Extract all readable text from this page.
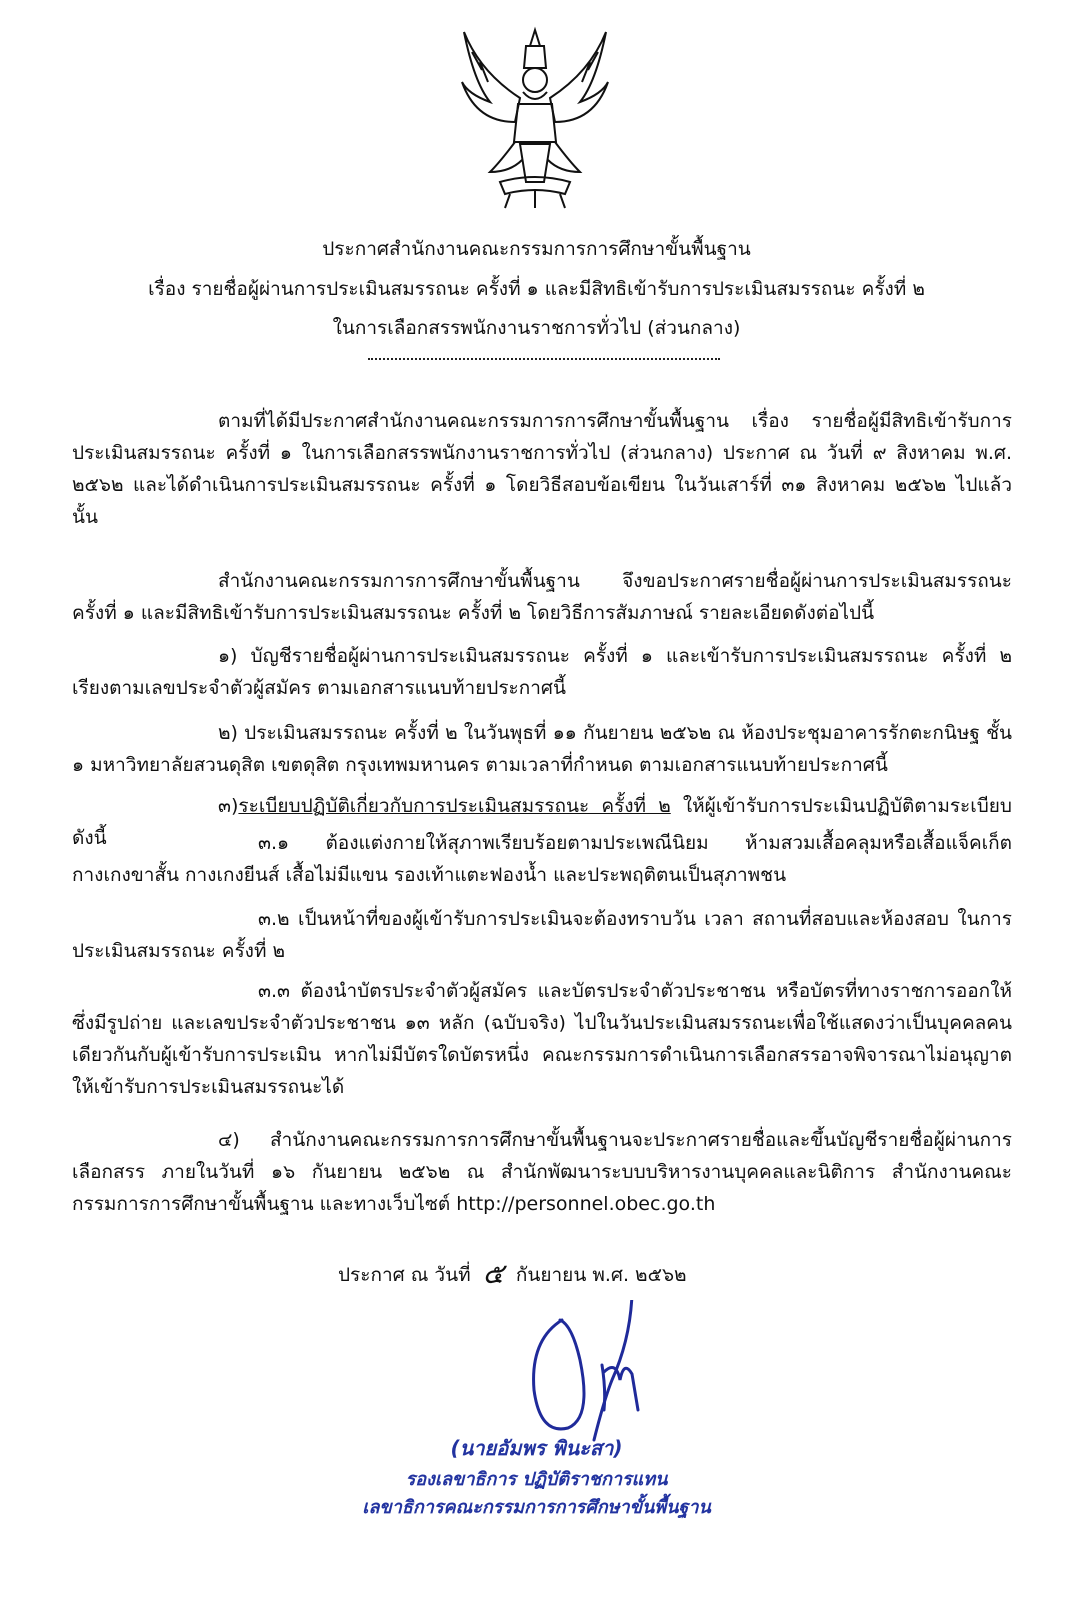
ประกาศสำนักงานคณะกรรมการการศึกษาขั้นพื้นฐาน
เรื่อง รายชื่อผู้ผ่านการประเมินสมรรถนะ ครั้งที่ ๑ และมีสิทธิเข้ารับการประเมินสมรรถนะ ครั้งที่ ๒
ในการเลือกสรรพนักงานราชการทั่วไป (ส่วนกลาง)

ตามที่ได้มีประกาศสำนักงานคณะกรรมการการศึกษาขั้นพื้นฐาน เรื่อง รายชื่อผู้มีสิทธิเข้ารับการประเมินสมรรถนะ ครั้งที่ ๑ ในการเลือกสรรพนักงานราชการทั่วไป (ส่วนกลาง) ประกาศ ณ วันที่ ๙ สิงหาคม พ.ศ. ๒๕๖๒ และได้ดำเนินการประเมินสมรรถนะ ครั้งที่ ๑ โดยวิธีสอบข้อเขียน ในวันเสาร์ที่ ๓๑ สิงหาคม ๒๕๖๒ ไปแล้ว นั้น

สำนักงานคณะกรรมการการศึกษาขั้นพื้นฐาน จึงขอประกาศรายชื่อผู้ผ่านการประเมินสมรรถนะ ครั้งที่ ๑ และมีสิทธิเข้ารับการประเมินสมรรถนะ ครั้งที่ ๒ โดยวิธีการสัมภาษณ์ รายละเอียดดังต่อไปนี้

๑) บัญชีรายชื่อผู้ผ่านการประเมินสมรรถนะ ครั้งที่ ๑ และเข้ารับการประเมินสมรรถนะ ครั้งที่ ๒ เรียงตามเลขประจำตัวผู้สมัคร ตามเอกสารแนบท้ายประกาศนี้

๒) ประเมินสมรรถนะ ครั้งที่ ๒ ในวันพุธที่ ๑๑ กันยายน ๒๕๖๒ ณ ห้องประชุมอาคารรักตะกนิษฐ ชั้น ๑ มหาวิทยาลัยสวนดุสิต เขตดุสิต กรุงเทพมหานคร ตามเวลาที่กำหนด ตามเอกสารแนบท้ายประกาศนี้

๓)ระเบียบปฏิบัติเกี่ยวกับการประเมินสมรรถนะ ครั้งที่ ๒ ให้ผู้เข้ารับการประเมินปฏิบัติตามระเบียบ ดังนี้	๓.๑ ต้องแต่งกายให้สุภาพเรียบร้อยตามประเพณีนิยม ห้ามสวมเสื้อคลุมหรือเสื้อแจ็คเก็ต กางเกงขาสั้น กางเกงยีนส์ เสื้อไม่มีแขน รองเท้าแตะฟองน้ำ และประพฤติตนเป็นสุภาพชน

๓.๒ เป็นหน้าที่ของผู้เข้ารับการประเมินจะต้องทราบวัน เวลา สถานที่สอบและห้องสอบ ในการประเมินสมรรถนะ ครั้งที่ ๒

๓.๓ ต้องนำบัตรประจำตัวผู้สมัคร และบัตรประจำตัวประชาชน หรือบัตรที่ทางราชการออกให้ ซึ่งมีรูปถ่าย และเลขประจำตัวประชาชน ๑๓ หลัก (ฉบับจริง) ไปในวันประเมินสมรรถนะเพื่อใช้แสดงว่าเป็นบุคคลคนเดียวกันกับผู้เข้ารับการประเมิน หากไม่มีบัตรใดบัตรหนึ่ง คณะกรรมการดำเนินการเลือกสรรอาจพิจารณาไม่อนุญาตให้เข้ารับการประเมินสมรรถนะได้

๔) สำนักงานคณะกรรมการการศึกษาขั้นพื้นฐานจะประกาศรายชื่อและขึ้นบัญชีรายชื่อผู้ผ่านการเลือกสรร ภายในวันที่ ๑๖ กันยายน ๒๕๖๒ ณ สำนักพัฒนาระบบบริหารงานบุคคลและนิติการ สำนักงานคณะกรรมการการศึกษาขั้นพื้นฐาน และทางเว็บไซต์ http://personnel.obec.go.th

ประกาศ ณ วันที่ ๕ กันยายน พ.ศ. ๒๕๖๒
(นายอัมพร พินะสา)
รองเลขาธิการ ปฏิบัติราชการแทน
เลขาธิการคณะกรรมการการศึกษาขั้นพื้นฐาน
